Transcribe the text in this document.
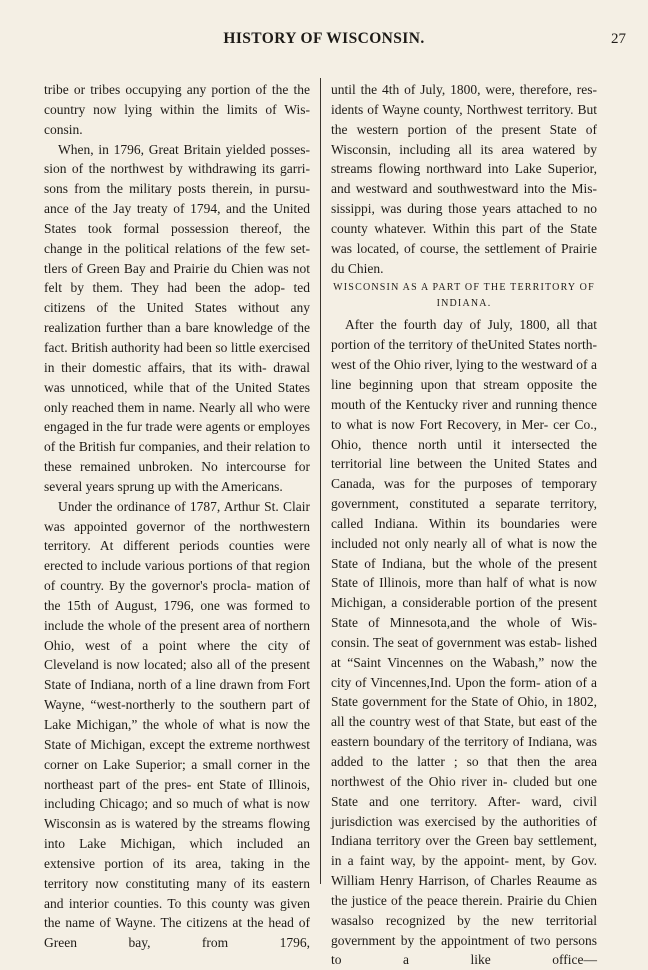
HISTORY OF WISCONSIN.	27

tribe or tribes occupying any portion of the the country now lying within the limits of Wis- consin.

When, in 1796, Great Britain yielded posses- sion of the northwest by withdrawing its garri- sons from the military posts therein, in pursu- ance of the Jay treaty of 1794, and the United States took formal possession thereof, the change in the political relations of the few set- tlers of Green Bay and Prairie du Chien was not felt by them. They had been the adop- ted citizens of the United States without any realization further than a bare knowledge of the fact. British authority had been so little exercised in their domestic affairs, that its with- drawal was unnoticed, while that of the United States only reached them in name. Nearly all who were engaged in the fur trade were agents or employes of the British fur companies, and their relation to these remained unbroken. No intercourse for several years sprung up with the Americans.

Under the ordinance of 1787, Arthur St. Clair was appointed governor of the northwestern territory. At different periods counties were erected to include various portions of that region of country. By the governor's procla- mation of the 15th of August, 1796, one was formed to include the whole of the present area of northern Ohio, west of a point where the city of Cleveland is now located; also all of the present State of Indiana, north of a line drawn from Fort Wayne, “west-northerly to the southern part of Lake Michigan,” the whole of what is now the State of Michigan, except the extreme northwest corner on Lake Superior; a small corner in the northeast part of the pres- ent State of Illinois, including Chicago; and so much of what is now Wisconsin as is watered by the streams flowing into Lake Michigan, which included an extensive portion of its area, taking in the territory now constituting many of its eastern and interior counties. To this county was given the name of Wayne. The citizens at the head of Green bay, from 1796,

until the 4th of July, 1800, were, therefore, res- idents of Wayne county, Northwest territory. But the western portion of the present State of Wisconsin, including all its area watered by streams flowing northward into Lake Superior, and westward and southwestward into the Mis- sissippi, was during those years attached to no county whatever. Within this part of the State was located, of course, the settlement of Prairie du Chien.

WISCONSIN AS A PART OF THE TERRITORY OF INDIANA.

After the fourth day of July, 1800, all that portion of the territory of theUnited States north- west of the Ohio river, lying to the westward of a line beginning upon that stream opposite the mouth of the Kentucky river and running thence to what is now Fort Recovery, in Mer- cer Co., Ohio, thence north until it intersected the territorial line between the United States and Canada, was for the purposes of temporary government, constituted a separate territory, called Indiana. Within its boundaries were included not only nearly all of what is now the State of Indiana, but the whole of the present State of Illinois, more than half of what is now Michigan, a considerable portion of the present State of Minnesota,and the whole of Wis- consin. The seat of government was estab- lished at “Saint Vincennes on the Wabash,” now the city of Vincennes,Ind. Upon the form- ation of a State government for the State of Ohio, in 1802, all the country west of that State, but east of the eastern boundary of the territory of Indiana, was added to the latter ; so that then the area northwest of the Ohio river in- cluded but one State and one territory. After- ward, civil jurisdiction was exercised by the authorities of Indiana territory over the Green bay settlement, in a faint way, by the appoint- ment, by Gov. William Henry Harrison, of Charles Reaume as the justice of the peace therein. Prairie du Chien wasalso recognized by the new territorial government by the appointment of two persons to a like office—
